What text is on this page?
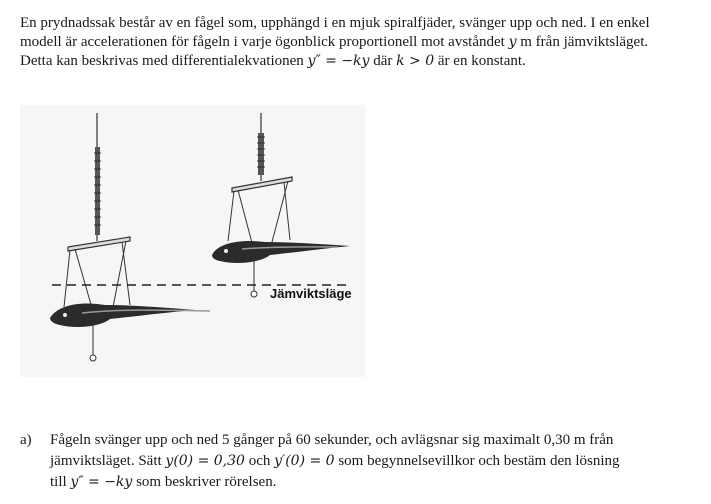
En prydnadssak består av en fågel som, upphängd i en mjuk spiralfjäder, svänger upp och ned. I en enkel

modell är accelerationen för fågeln i varje ögonblick proportionell mot avståndet y m från jämviktsläget.

Detta kan beskrivas med differentialekvationen y″ = −ky där k > 0 är en konstant.

Jämviktsläge
a)	Fågeln svänger upp och ned 5 gånger på 60 sekunder, och avlägsnar sig maximalt 0,30 m från
jämviktsläget. Sätt y(0) = 0,30 och y′(0) = 0 som begynnelsevillkor och bestäm den lösning
till y″ = −ky som beskriver rörelsen.
